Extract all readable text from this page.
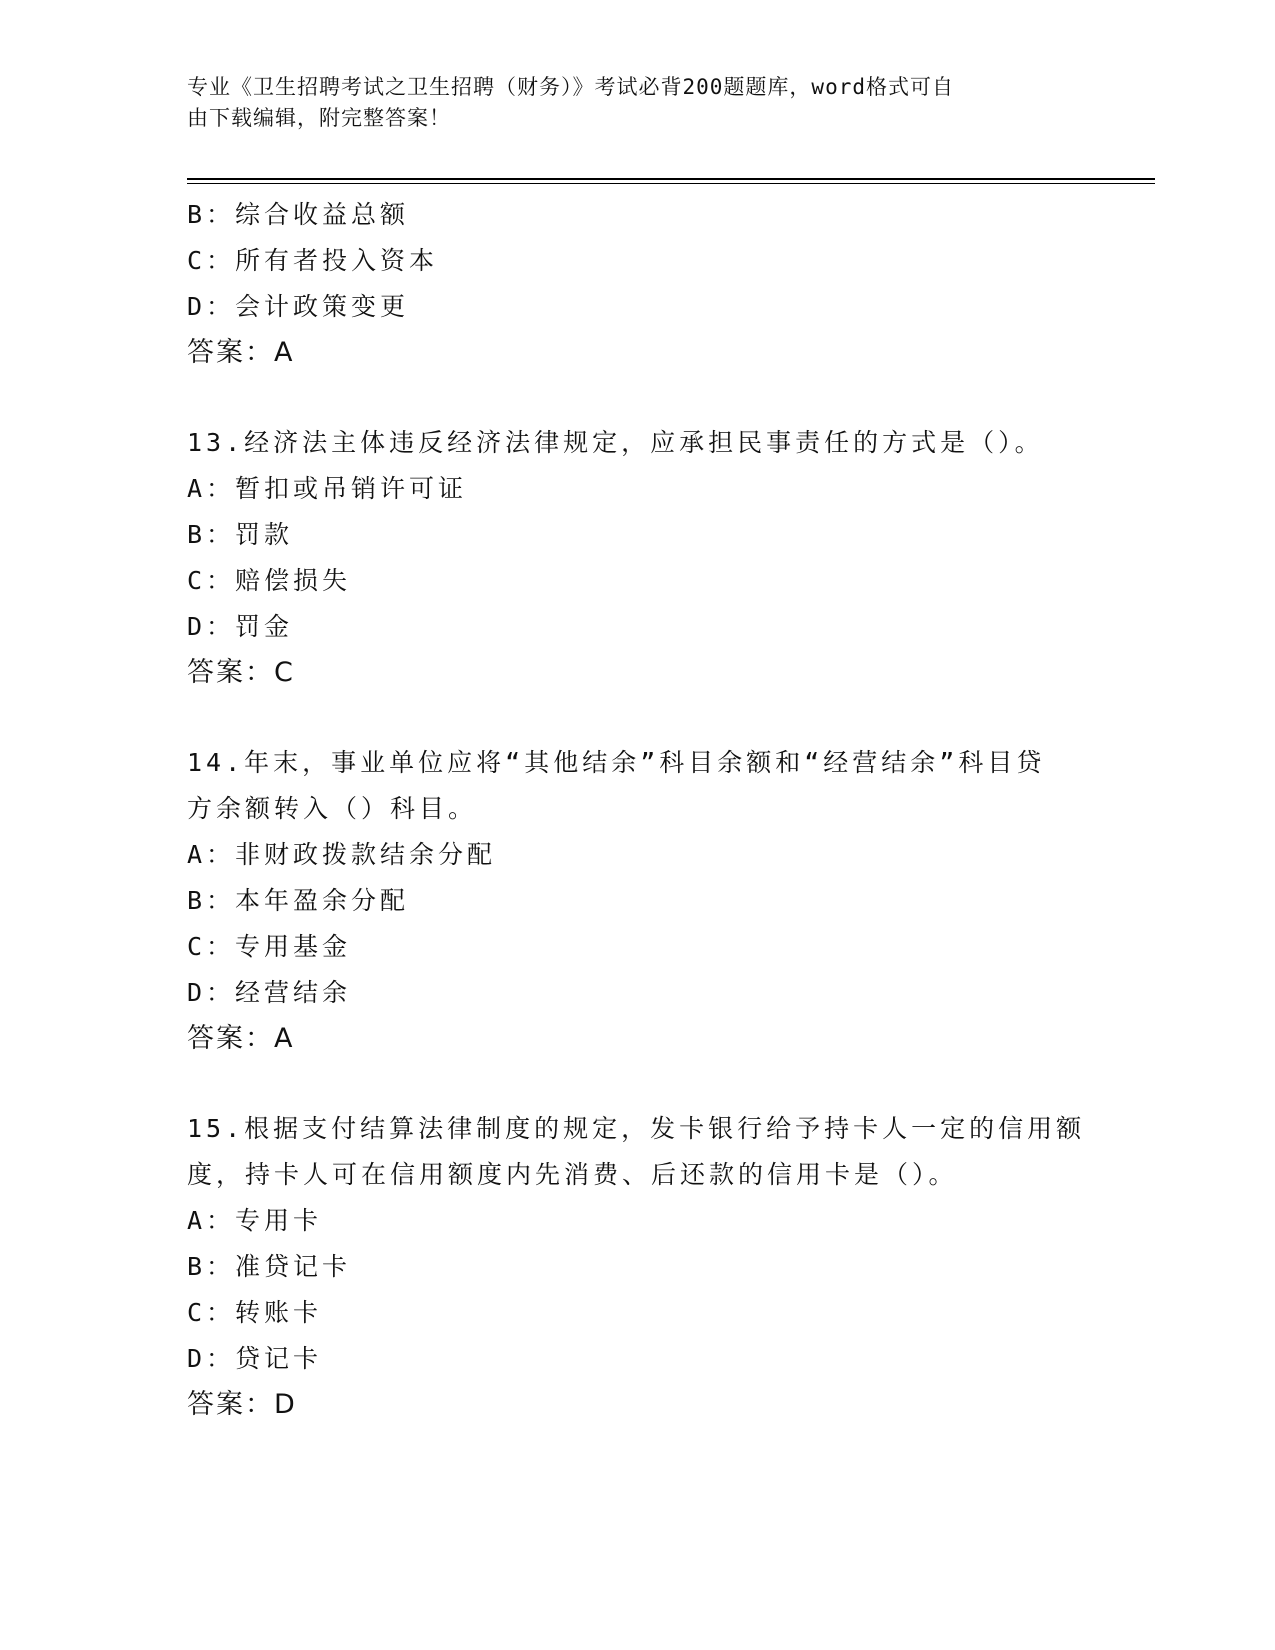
专业《卫生招聘考试之卫生招聘（财务）》考试必背200题题库，word格式可自
由下载编辑，附完整答案！
B：综合收益总额
C：所有者投入资本
D：会计政策变更
答案：A
13.经济法主体违反经济法律规定，应承担民事责任的方式是（）。
A：暂扣或吊销许可证
B：罚款
C：赔偿损失
D：罚金
答案：C
14.年末，事业单位应将“其他结余”科目余额和“经营结余”科目贷
方余额转入（）科目。
A：非财政拨款结余分配
B：本年盈余分配
C：专用基金
D：经营结余
答案：A
15.根据支付结算法律制度的规定，发卡银行给予持卡人一定的信用额
度，持卡人可在信用额度内先消费、后还款的信用卡是（）。
A：专用卡
B：准贷记卡
C：转账卡
D：贷记卡
答案：D
